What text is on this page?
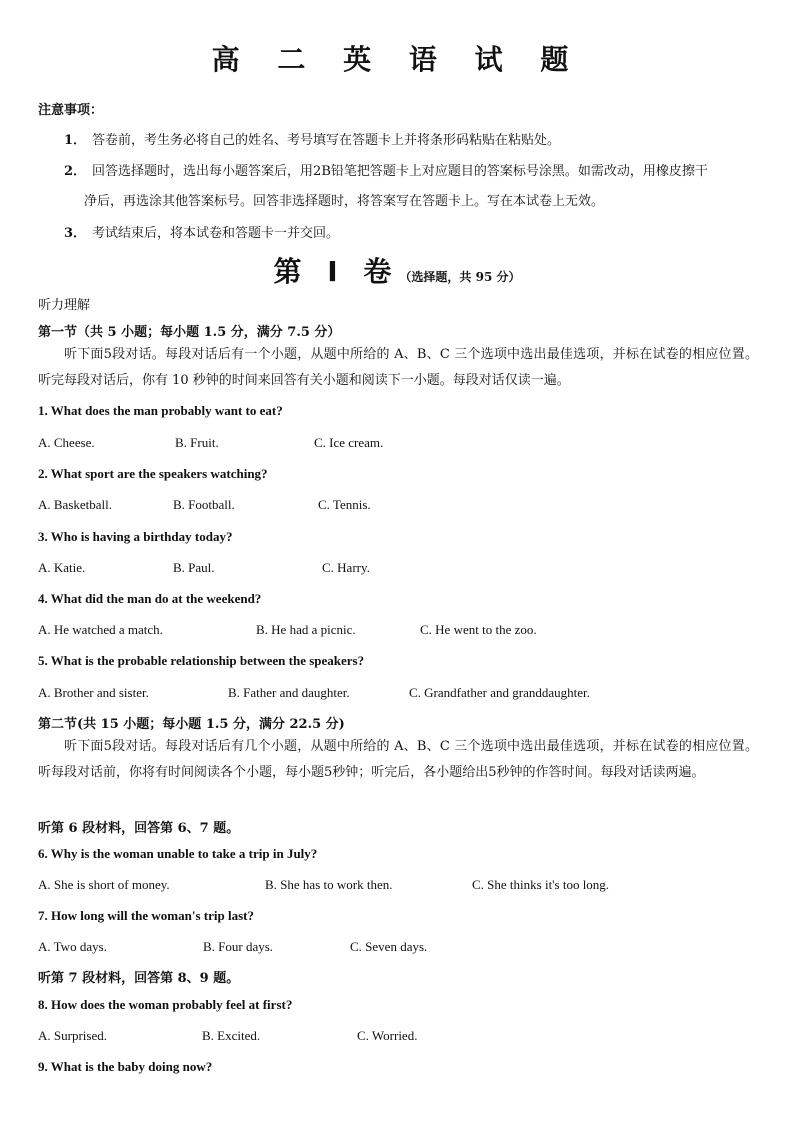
高 二 英 语 试 题
注意事项：
1． 答卷前，考生务必将自己的姓名、考号填写在答题卡上并将条形码粘贴在粘贴处。
2． 回答选择题时，选出每小题答案后，用2B铅笔把答题卡上对应题目的答案标号涂黑。如需改动，用橡皮擦干
净后，再选涂其他答案标号。回答非选择题时，将答案写在答题卡上。写在本试卷上无效。
3． 考试结束后，将本试卷和答题卡一并交回。
第 I 卷（选择题，共 95 分）
听力理解
第一节（共 5 小题；每小题 1.5 分，满分 7.5 分）
听下面5段对话。每段对话后有一个小题，从题中所给的 A、B、C 三个选项中选出最佳选项，并标在试卷的相应位置。听完每段对话后，你有 10 秒钟的时间来回答有关小题和阅读下一小题。每段对话仅读一遍。
1. What does the man probably want to eat?
A. Cheese.	B. Fruit.	C. Ice cream.
2. What sport are the speakers watching?
A. Basketball.	B. Football.	C. Tennis.
3. Who is having a birthday today?
A. Katie.	B. Paul.	C. Harry.
4. What did the man do at the weekend?
A. He watched a match.	B. He had a picnic.	C. He went to the zoo.
5. What is the probable relationship between the speakers?
A. Brother and sister.	B. Father and daughter.	C. Grandfather and granddaughter.
第二节(共 15 小题；每小题 1.5 分，满分 22.5 分)
听下面5段对话。每段对话后有几个小题，从题中所给的 A、B、C 三个选项中选出最佳选项，并标在试卷的相应位置。听每段对话前，你将有时间阅读各个小题，每小题5秒钟；听完后，各小题给出5秒钟的作答时间。每段对话读两遍。
听第 6 段材料，回答第 6、7 题。
6. Why is the woman unable to take a trip in July?
A. She is short of money.	B. She has to work then.	C. She thinks it's too long.
7. How long will the woman's trip last?
A. Two days.	B. Four days.	C. Seven days.
听第 7 段材料，回答第 8、9 题。
8. How does the woman probably feel at first?
A. Surprised.	B. Excited.	C. Worried.
9. What is the baby doing now?
